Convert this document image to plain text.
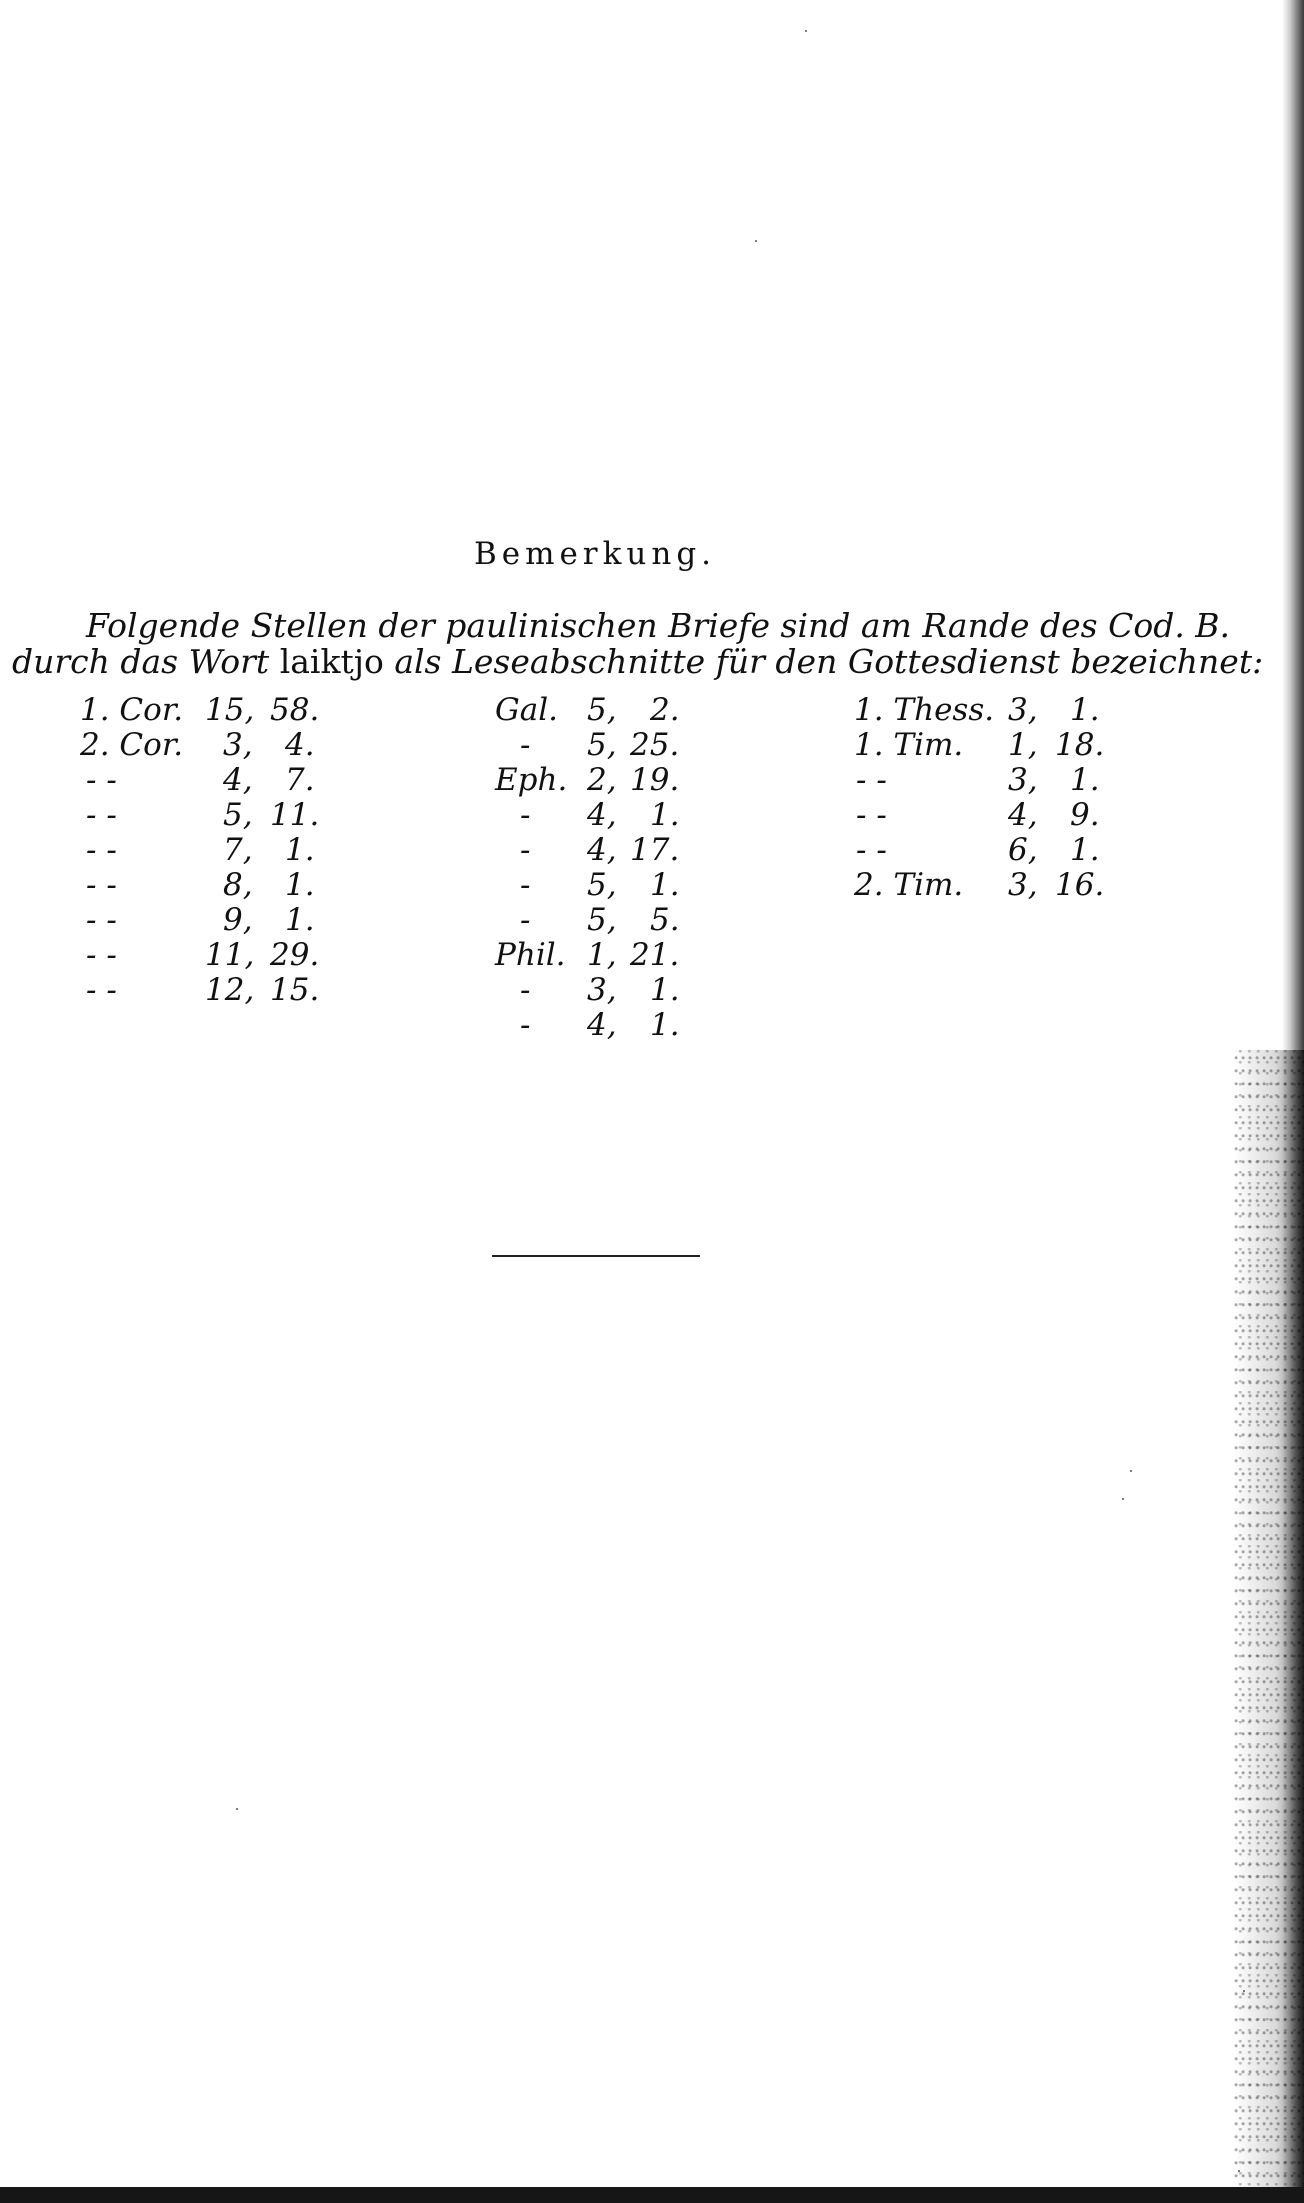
Bemerkung.
Folgende Stellen der paulinischen Briefe sind am Rande des Cod. B.
durch das Wort laiktjo als Leseabschnitte für den Gottesdienst bezeichnet:
1. Cor. 15, 58.
2. Cor. 3, 4.
- -	4, 7.
- -	5, 11.
- -	7, 1.
- -	8, 1.
- -	9, 1.
- -	11, 29.
- -	12, 15.
Gal. 5, 2.
- 5, 25.
Eph. 2, 19.
- 4, 1.
- 4, 17.
- 5, 1.
- 5, 5.
Phil. 1, 21.
- 3, 1.
- 4, 1.
1. Thess. 3, 1.
1. Tim. 1, 18.
- -	3, 1.
- -	4, 9.
- -	6, 1.
2. Tim. 3, 16.
